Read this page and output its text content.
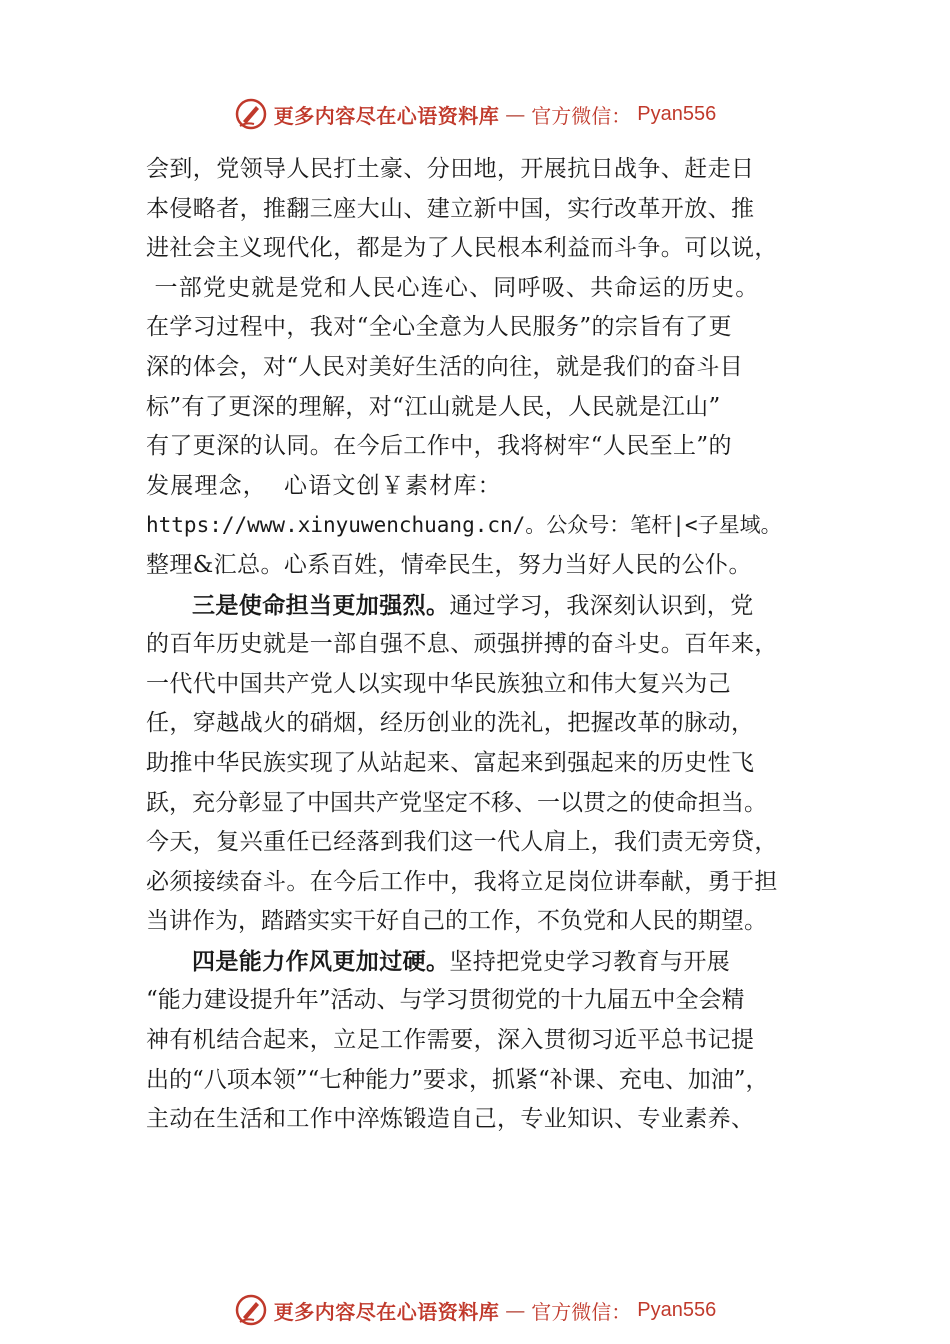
更多内容尽在心语资料库 — 官方微信： Pyan556
会到，党领导人民打土豪、分田地，开展抗日战争、赶走日
本侵略者，推翻三座大山、建立新中国，实行改革开放、推
进社会主义现代化，都是为了人民根本利益而斗争。可以说，
一部党史就是党和人民心连心、同呼吸、共命运的历史。
在学习过程中，我对“全心全意为人民服务”的宗旨有了更
深的体会，对“人民对美好生活的向往，就是我们的奋斗目
标”有了更深的理解，对“江山就是人民，人民就是江山”
有了更深的认同。在今后工作中，我将树牢“人民至上”的
发展理念，  心语文创￥素材库：
https://www.xinyuwenchuang.cn/。公众号：笔杆|<子星域。
整理&汇总。心系百姓，情牵民生，努力当好人民的公仆。
三是使命担当更加强烈。通过学习，我深刻认识到，党
的百年历史就是一部自强不息、顽强拼搏的奋斗史。百年来，
一代代中国共产党人以实现中华民族独立和伟大复兴为己
任，穿越战火的硝烟，经历创业的洗礼，把握改革的脉动，
助推中华民族实现了从站起来、富起来到强起来的历史性飞
跃，充分彰显了中国共产党坚定不移、一以贯之的使命担当。
今天，复兴重任已经落到我们这一代人肩上，我们责无旁贷，
必须接续奋斗。在今后工作中，我将立足岗位讲奉献，勇于担
当讲作为，踏踏实实干好自己的工作，不负党和人民的期望。
四是能力作风更加过硬。坚持把党史学习教育与开展
“能力建设提升年”活动、与学习贯彻党的十九届五中全会精
神有机结合起来，立足工作需要，深入贯彻习近平总书记提
出的“八项本领”“七种能力”要求，抓紧“补课、充电、加油”，
主动在生活和工作中淬炼锻造自己，专业知识、专业素养、
更多内容尽在心语资料库 — 官方微信： Pyan556
